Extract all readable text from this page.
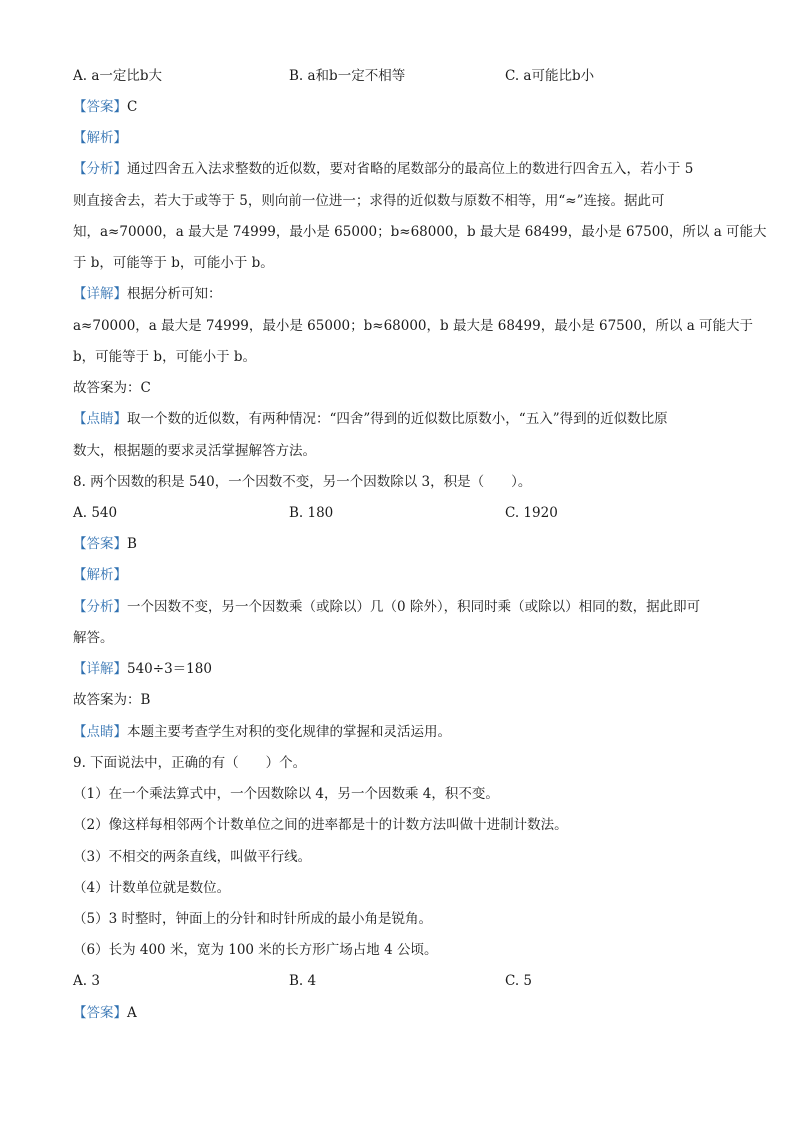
A. a一定比b大	B. a和b一定不相等	C. a可能比b小
【答案】C
【解析】
【分析】通过四舍五入法求整数的近似数，要对省略的尾数部分的最高位上的数进行四舍五入，若小于 5
则直接舍去，若大于或等于 5，则向前一位进一；求得的近似数与原数不相等，用“≈”连接。据此可
知，a≈70000，a 最大是 74999，最小是 65000；b≈68000，b 最大是 68499，最小是 67500，所以 a 可能大
于 b，可能等于 b，可能小于 b。
【详解】根据分析可知：
a≈70000，a 最大是 74999，最小是 65000；b≈68000，b 最大是 68499，最小是 67500，所以 a 可能大于
b，可能等于 b，可能小于 b。
故答案为：C
【点睛】取一个数的近似数，有两种情况：“四舍”得到的近似数比原数小，“五入”得到的近似数比原
数大，根据题的要求灵活掌握解答方法。
8. 两个因数的积是 540，一个因数不变，另一个因数除以 3，积是（　　）。
A. 540	B. 180	C. 1920
【答案】B
【解析】
【分析】一个因数不变，另一个因数乘（或除以）几（0 除外），积同时乘（或除以）相同的数，据此即可
解答。
【详解】540÷3＝180
故答案为：B
【点睛】本题主要考查学生对积的变化规律的掌握和灵活运用。
9. 下面说法中，正确的有（　　）个。
（1）在一个乘法算式中，一个因数除以 4，另一个因数乘 4，积不变。
（2）像这样每相邻两个计数单位之间的进率都是十的计数方法叫做十进制计数法。
（3）不相交的两条直线，叫做平行线。
（4）计数单位就是数位。
（5）3 时整时，钟面上的分针和时针所成的最小角是锐角。
（6）长为 400 米，宽为 100 米的长方形广场占地 4 公顷。
A. 3	B. 4	C. 5
【答案】A
